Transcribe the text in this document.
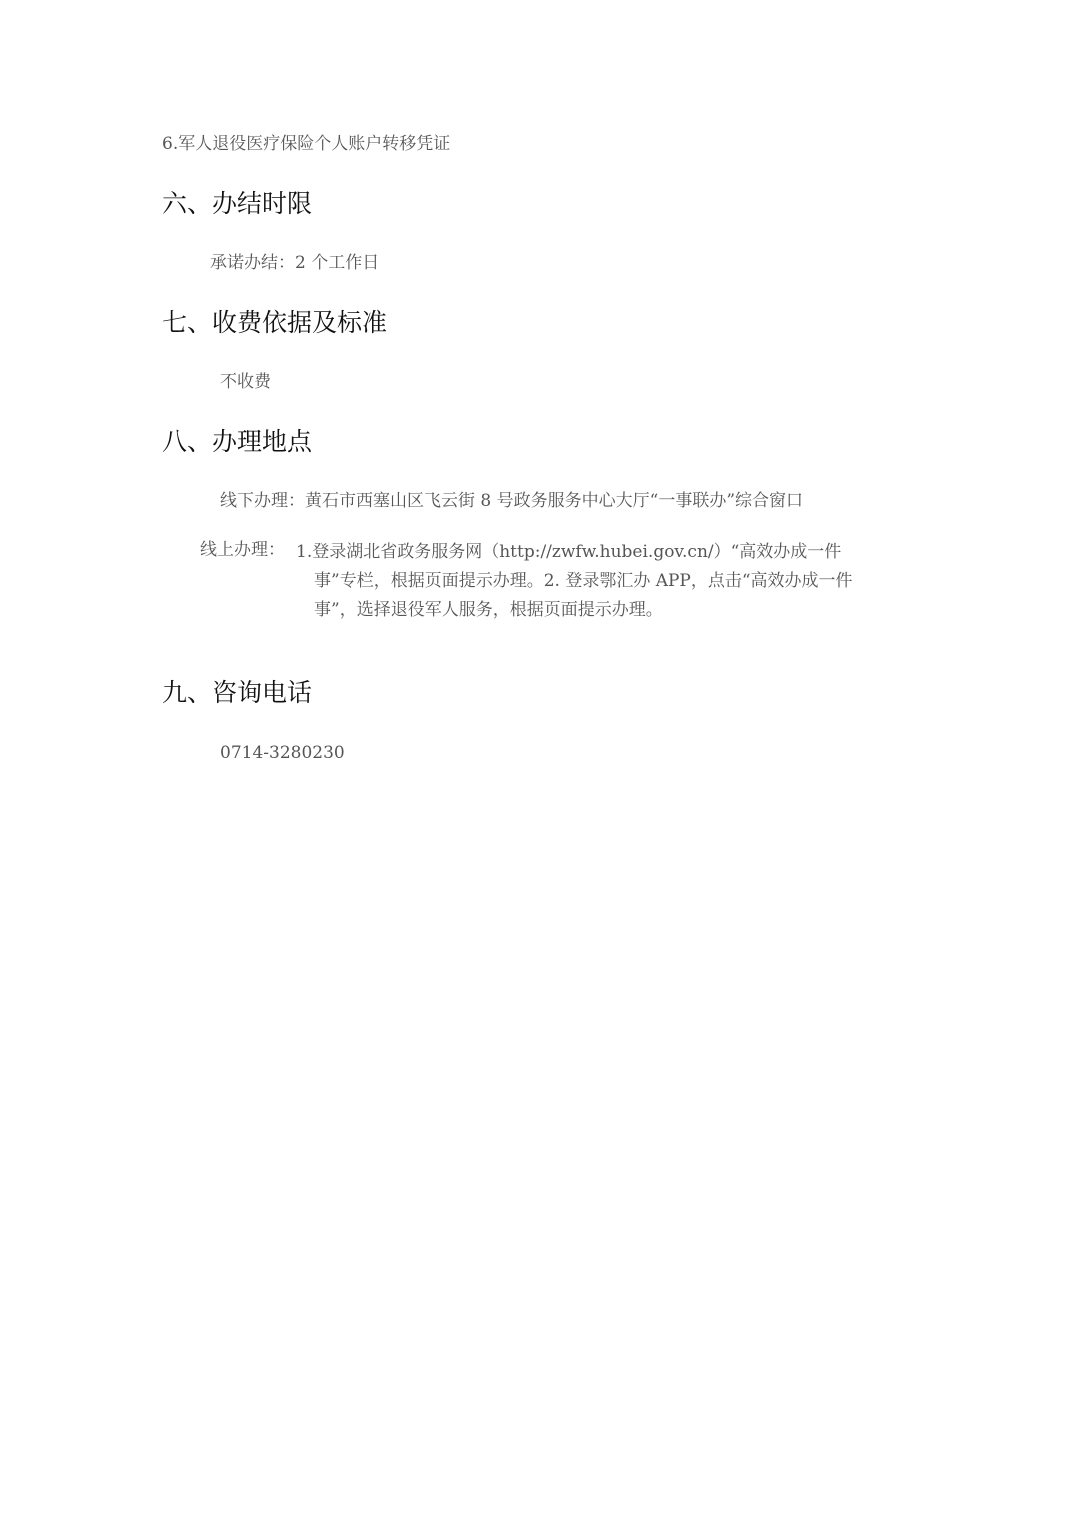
6.军人退役医疗保险个人账户转移凭证
六、办结时限
承诺办结：2 个工作日
七、收费依据及标准
不收费
八、办理地点
线下办理：黄石市西塞山区飞云街 8 号政务服务中心大厅“一事联办”综合窗口
线上办理： 1.登录湖北省政务服务网（http://zwfw.hubei.gov.cn/）“高效办成一件
事”专栏，根据页面提示办理。2. 登录鄂汇办 APP，点击“高效办成一件
事”，选择退役军人服务，根据页面提示办理。
九、咨询电话
0714-3280230
